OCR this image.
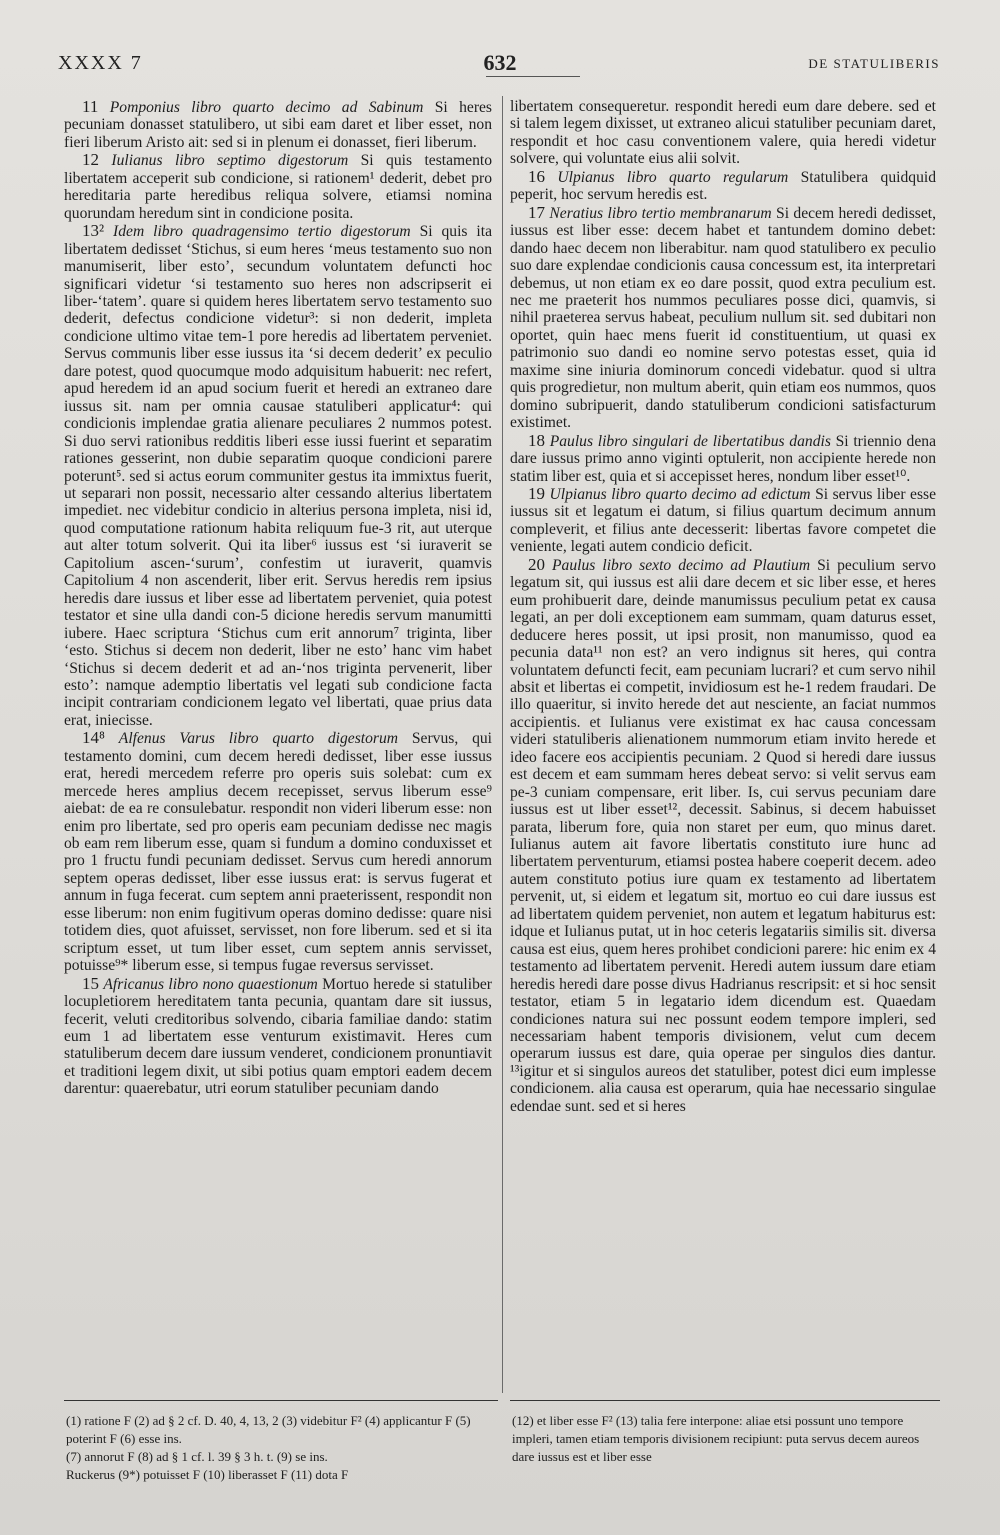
XXXX 7	632	DE STATULIBERIS

11 Pomponius libro quarto decimo ad Sabinum Si heres pecuniam donasset statulibero, ut sibi eam daret et liber esset, non fieri liberum Aristo ait: sed si in plenum ei donasset, fieri liberum.

12 Iulianus libro septimo digestorum Si quis testamento libertatem acceperit sub condicione, si rationem¹ dederit, debet pro hereditaria parte heredibus reliqua solvere, etiamsi nomina quorundam heredum sint in condicione posita.

13² Idem libro quadragensimo tertio digestorum Si quis ita libertatem dedisset ‘Stichus, si eum heres ‘meus testamento suo non manumiserit, liber esto’, secundum voluntatem defuncti hoc significari videtur ‘si testamento suo heres non adscripserit ei liber-‘tatem’. quare si quidem heres libertatem servo testamento suo dederit, defectus condicione videtur³: si non dederit, impleta condicione ultimo vitae tem-1 pore heredis ad libertatem perveniet. Servus communis liber esse iussus ita ‘si decem dederit’ ex peculio dare potest, quod quocumque modo adquisitum habuerit: nec refert, apud heredem id an apud socium fuerit et heredi an extraneo dare iussus sit. nam per omnia causae statuliberi applicatur⁴: qui condicionis implendae gratia alienare peculiares 2 nummos potest. Si duo servi rationibus redditis liberi esse iussi fuerint et separatim rationes gesserint, non dubie separatim quoque condicioni parere poterunt⁵. sed si actus eorum communiter gestus ita immixtus fuerit, ut separari non possit, necessario alter cessando alterius libertatem impediet. nec videbitur condicio in alterius persona impleta, nisi id, quod computatione rationum habita reliquum fue-3 rit, aut uterque aut alter totum solverit. Qui ita liber⁶ iussus est ‘si iuraverit se Capitolium ascen-‘surum’, confestim ut iuraverit, quamvis Capitolium 4 non ascenderit, liber erit. Servus heredis rem ipsius heredis dare iussus et liber esse ad libertatem perveniet, quia potest testator et sine ulla dandi con-5 dicione heredis servum manumitti iubere. Haec scriptura ‘Stichus cum erit annorum⁷ triginta, liber ‘esto. Stichus si decem non dederit, liber ne esto’ hanc vim habet ‘Stichus si decem dederit et ad an-‘nos triginta pervenerit, liber esto’: namque ademptio libertatis vel legati sub condicione facta incipit contrariam condicionem legato vel libertati, quae prius data erat, iniecisse.

14⁸ Alfenus Varus libro quarto digestorum Servus, qui testamento domini, cum decem heredi dedisset, liber esse iussus erat, heredi mercedem referre pro operis suis solebat: cum ex mercede heres amplius decem recepisset, servus liberum esse⁹ aiebat: de ea re consulebatur. respondit non videri liberum esse: non enim pro libertate, sed pro operis eam pecuniam dedisse nec magis ob eam rem liberum esse, quam si fundum a domino conduxisset et pro 1 fructu fundi pecuniam dedisset. Servus cum heredi annorum septem operas dedisset, liber esse iussus erat: is servus fugerat et annum in fuga fecerat. cum septem anni praeterissent, respondit non esse liberum: non enim fugitivum operas domino dedisse: quare nisi totidem dies, quot afuisset, servisset, non fore liberum. sed et si ita scriptum esset, ut tum liber esset, cum septem annis servisset, potuisse⁹* liberum esse, si tempus fugae reversus servisset.

15 Africanus libro nono quaestionum Mortuo herede si statuliber locupletiorem hereditatem tanta pecunia, quantam dare sit iussus, fecerit, veluti creditoribus solvendo, cibaria familiae dando: statim eum 1 ad libertatem esse venturum existimavit. Heres cum statuliberum decem dare iussum venderet, condicionem pronuntiavit et traditioni legem dixit, ut sibi potius quam emptori eadem decem darentur: quaerebatur, utri eorum statuliber pecuniam dando

libertatem consequeretur. respondit heredi eum dare debere. sed et si talem legem dixisset, ut extraneo alicui statuliber pecuniam daret, respondit et hoc casu conventionem valere, quia heredi videtur solvere, qui voluntate eius alii solvit.

16 Ulpianus libro quarto regularum Statulibera quidquid peperit, hoc servum heredis est.

17 Neratius libro tertio membranarum Si decem heredi dedisset, iussus est liber esse: decem habet et tantundem domino debet: dando haec decem non liberabitur. nam quod statulibero ex peculio suo dare explendae condicionis causa concessum est, ita interpretari debemus, ut non etiam ex eo dare possit, quod extra peculium est. nec me praeterit hos nummos peculiares posse dici, quamvis, si nihil praeterea servus habeat, peculium nullum sit. sed dubitari non oportet, quin haec mens fuerit id constituentium, ut quasi ex patrimonio suo dandi eo nomine servo potestas esset, quia id maxime sine iniuria dominorum concedi videbatur. quod si ultra quis progredietur, non multum aberit, quin etiam eos nummos, quos domino subripuerit, dando statuliberum condicioni satisfacturum existimet.

18 Paulus libro singulari de libertatibus dandis Si triennio dena dare iussus primo anno viginti optulerit, non accipiente herede non statim liber est, quia et si accepisset heres, nondum liber esset¹⁰.

19 Ulpianus libro quarto decimo ad edictum Si servus liber esse iussus sit et legatum ei datum, si filius quartum decimum annum compleverit, et filius ante decesserit: libertas favore competet die veniente, legati autem condicio deficit.

20 Paulus libro sexto decimo ad Plautium Si peculium servo legatum sit, qui iussus est alii dare decem et sic liber esse, et heres eum prohibuerit dare, deinde manumissus peculium petat ex causa legati, an per doli exceptionem eam summam, quam daturus esset, deducere heres possit, ut ipsi prosit, non manumisso, quod ea pecunia data¹¹ non est? an vero indignus sit heres, qui contra voluntatem defuncti fecit, eam pecuniam lucrari? et cum servo nihil absit et libertas ei competit, invidiosum est he-1 redem fraudari. De illo quaeritur, si invito herede det aut nesciente, an faciat nummos accipientis. et Iulianus vere existimat ex hac causa concessam videri statuliberis alienationem nummorum etiam invito herede et ideo facere eos accipientis pecuniam. 2 Quod si heredi dare iussus est decem et eam summam heres debeat servo: si velit servus eam pe-3 cuniam compensare, erit liber. Is, cui servus pecuniam dare iussus est ut liber esset¹², decessit. Sabinus, si decem habuisset parata, liberum fore, quia non staret per eum, quo minus daret. Iulianus autem ait favore libertatis constituto iure hunc ad libertatem perventurum, etiamsi postea habere coeperit decem. adeo autem constituto potius iure quam ex testamento ad libertatem pervenit, ut, si eidem et legatum sit, mortuo eo cui dare iussus est ad libertatem quidem perveniet, non autem et legatum habiturus est: idque et Iulianus putat, ut in hoc ceteris legatariis similis sit. diversa causa est eius, quem heres prohibet condicioni parere: hic enim ex 4 testamento ad libertatem pervenit. Heredi autem iussum dare etiam heredis heredi dare posse divus Hadrianus rescripsit: et si hoc sensit testator, etiam 5 in legatario idem dicendum est. Quaedam condiciones natura sui nec possunt eodem tempore impleri, sed necessariam habent temporis divisionem, velut cum decem operarum iussus est dare, quia operae per singulos dies dantur. ¹³igitur et si singulos aureos det statuliber, potest dici eum implesse condicionem. alia causa est operarum, quia hae necessario singulae edendae sunt. sed et si heres

(1) ratione F (2) ad § 2 cf. D. 40, 4, 13, 2 (3) videbitur F² (4) applicantur F (5) poterint F (6) esse ins.

(7) annorut F (8) ad § 1 cf. l. 39 § 3 h. t. (9) se ins.

Ruckerus (9*) potuisset F (10) liberasset F (11) dota F

(12) et liber esse F² (13) talia fere interpone: aliae etsi possunt uno tempore impleri, tamen etiam temporis divisionem recipiunt: puta servus decem aureos dare iussus est et liber esse
